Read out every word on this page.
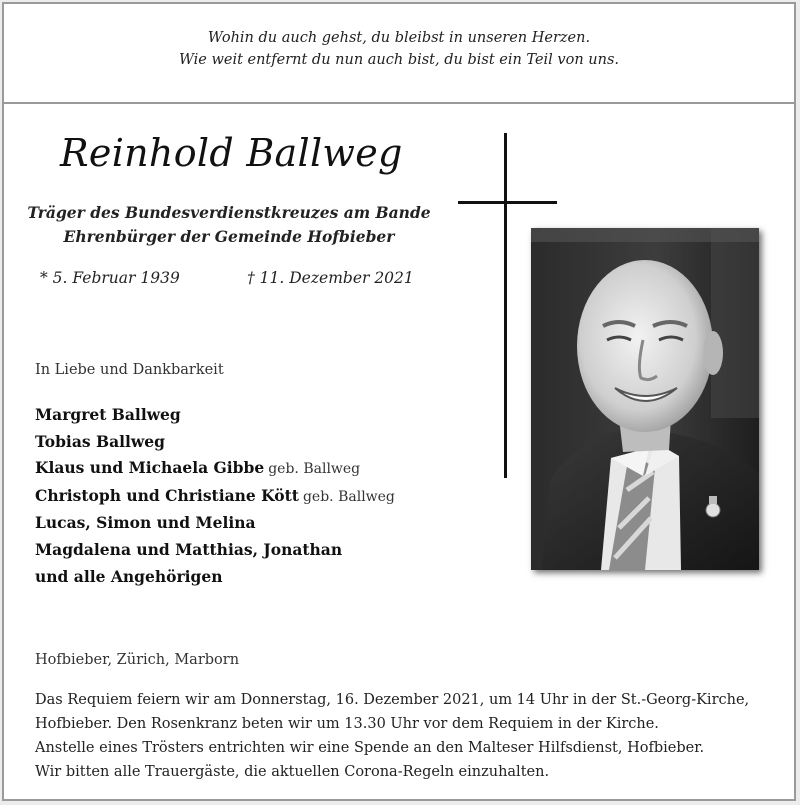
Wohin du auch gehst, du bleibst in unseren Herzen.
Wie weit entfernt du nun auch bist, du bist ein Teil von uns.
Reinhold Ballweg
Träger des Bundesverdienstkreuzes am Bande
Ehrenbürger der Gemeinde Hofbieber
* 5. Februar 1939	† 11. Dezember 2021
In Liebe und Dankbarkeit
Margret Ballweg
Tobias Ballweg
Klaus und Michaela Gibbe geb. Ballweg
Christoph und Christiane Kött geb. Ballweg
Lucas, Simon und Melina
Magdalena und Matthias, Jonathan
und alle Angehörigen
Hofbieber, Zürich, Marborn
Das Requiem feiern wir am Donnerstag, 16. Dezember 2021, um 14 Uhr in der St.-Georg-Kirche,
Hofbieber. Den Rosenkranz beten wir um 13.30 Uhr vor dem Requiem in der Kirche.
Anstelle eines Trösters entrichten wir eine Spende an den Malteser Hilfsdienst, Hofbieber.
Wir bitten alle Trauergäste, die aktuellen Corona-Regeln einzuhalten.
